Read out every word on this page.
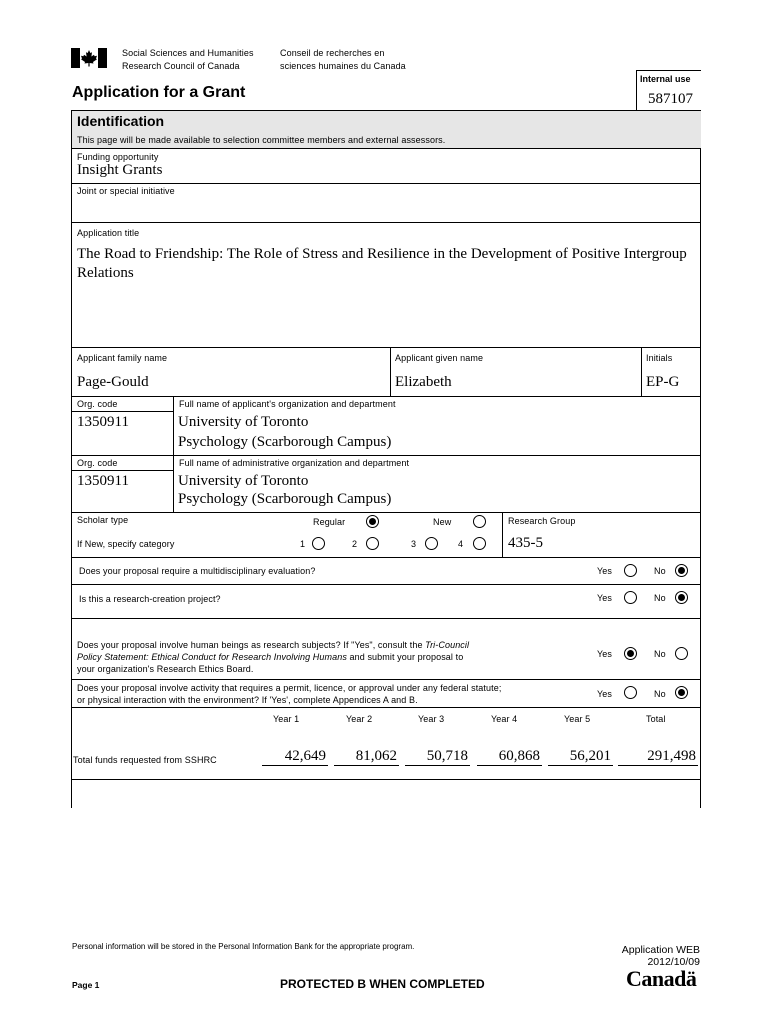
Social Sciences and Humanities
Research Council of Canada
Conseil de recherches en
sciences humaines du Canada
Internal use
587107
Application for a Grant
Identification
This page will be made available to selection committee members and external assessors.
Funding opportunity
Insight Grants
Joint or special initiative
Application title
The Road to Friendship: The Role of Stress and Resilience in the Development of Positive Intergroup Relations
Applicant family name	Applicant given name	Initials
Page-Gould	Elizabeth	EP-G
Org. code	Full name of applicant's organization and department
1350911	University of Toronto
Psychology (Scarborough Campus)
Org. code	Full name of administrative organization and department
1350911	University of Toronto
Psychology (Scarborough Campus)
Scholar type	Regular	New	Research Group
If New, specify category	1	2	3	4	435-5
Does your proposal require a multidisciplinary evaluation?	Yes	No
Is this a research-creation project?	Yes	No
Does your proposal involve human beings as research subjects? If "Yes", consult the Tri-Council
Policy Statement: Ethical Conduct for Research Involving Humans and submit your proposal to
your organization's Research Ethics Board.
Yes	No
Does your proposal involve activity that requires a permit, licence, or approval under any federal statute;
or physical interaction with the environment? If 'Yes', complete Appendices A and B.
Yes	No
Year 1	Year 2	Year 3	Year 4	Year 5	Total
Total funds requested from SSHRC	42,649	81,062	50,718	60,868	56,201	291,498
Personal information will be stored in the Personal Information Bank for the appropriate program.	Application WEB
2012/10/09
Page 1	PROTECTED B WHEN COMPLETED	Canadä
